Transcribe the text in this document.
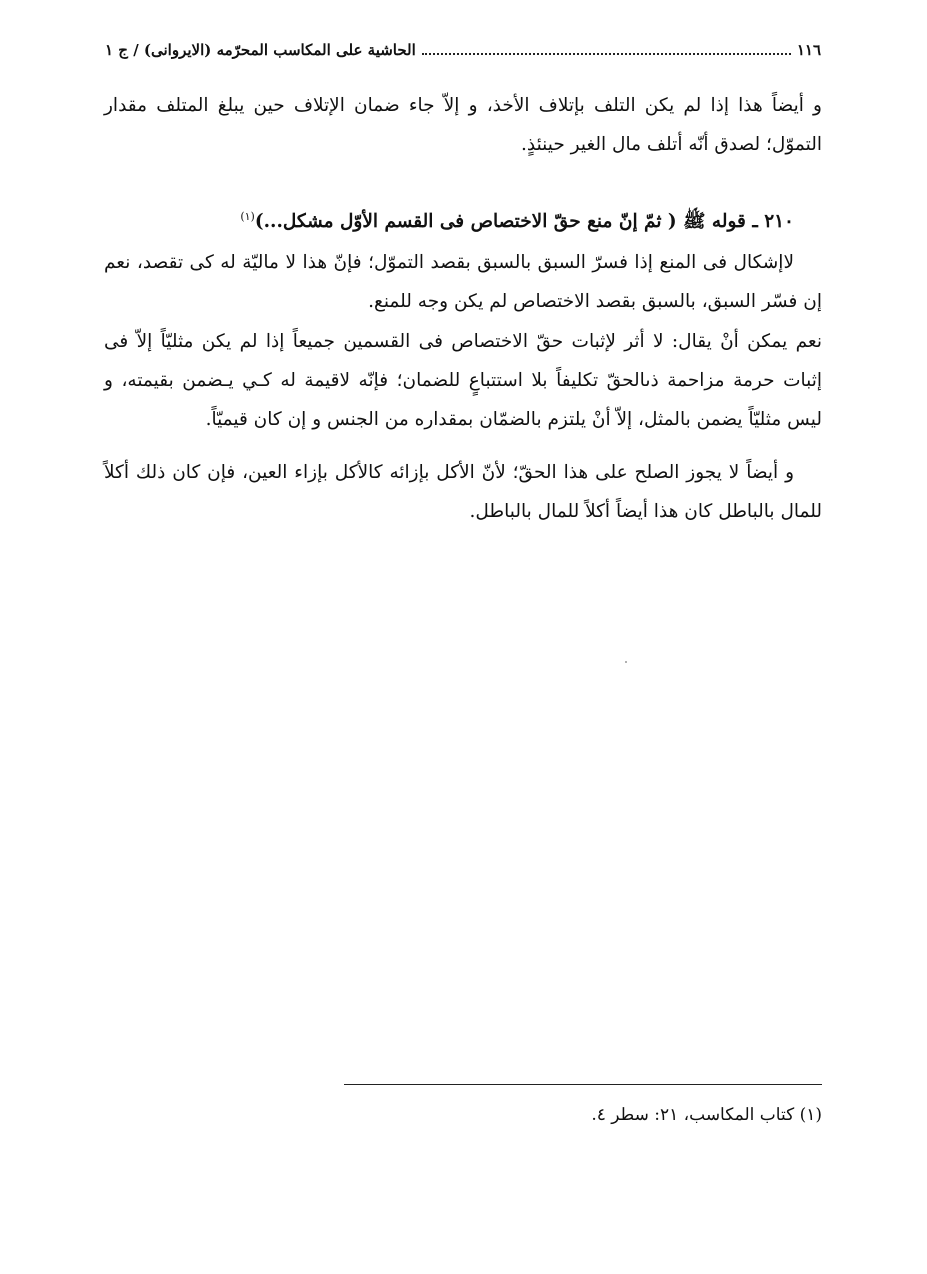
١١٦
الحاشية على المكاسب المحرّمه (الايروانى) / ج ١

و أيضاً هذا إذا لم يكن التلف بإتلاف الأخذ، و إلاّ جاء ضمان الإتلاف حين يبلغ المتلف مقدار التموّل؛ لصدق أنّه أتلف مال الغير حينئذٍ.

٢١٠ ـ قوله ﷺ ( ثمّ إنّ منع حقّ الاختصاص فى القسم الأوّل مشكل...)$^{(١)}$

لاإشكال فى المنع إذا فسرّ السبق بالسبق بقصد التموّل؛ فإنّ هذا لا ماليّة له كى تقصد، نعم إن فسّر السبق، بالسبق بقصد الاختصاص لم يكن وجه للمنع.

نعم يمكن أنْ يقال: لا أثر لإثبات حقّ الاختصاص فى القسمين جميعاً إذا لم يكن مثليّاً إلاّ فى إثبات حرمة مزاحمة ذىالحقّ تكليفاً بلا استتباعٍ للضمان؛ فإنّه لاقيمة له كـي يـضمن بقيمته، و ليس مثليّاً يضمن بالمثل، إلاّ أنْ يلتزم بالضمّان بمقداره من الجنس و إن كان قيميّاً.

و أيضاً لا يجوز الصلح على هذا الحقّ؛ لأنّ الأكل بإزائه كالأكل بإزاء العين، فإن كان ذلك أكلاً للمال بالباطل كان هذا أيضاً أكلاً للمال بالباطل.

(١) كتاب المكاسب، ٢١: سطر ٤.
